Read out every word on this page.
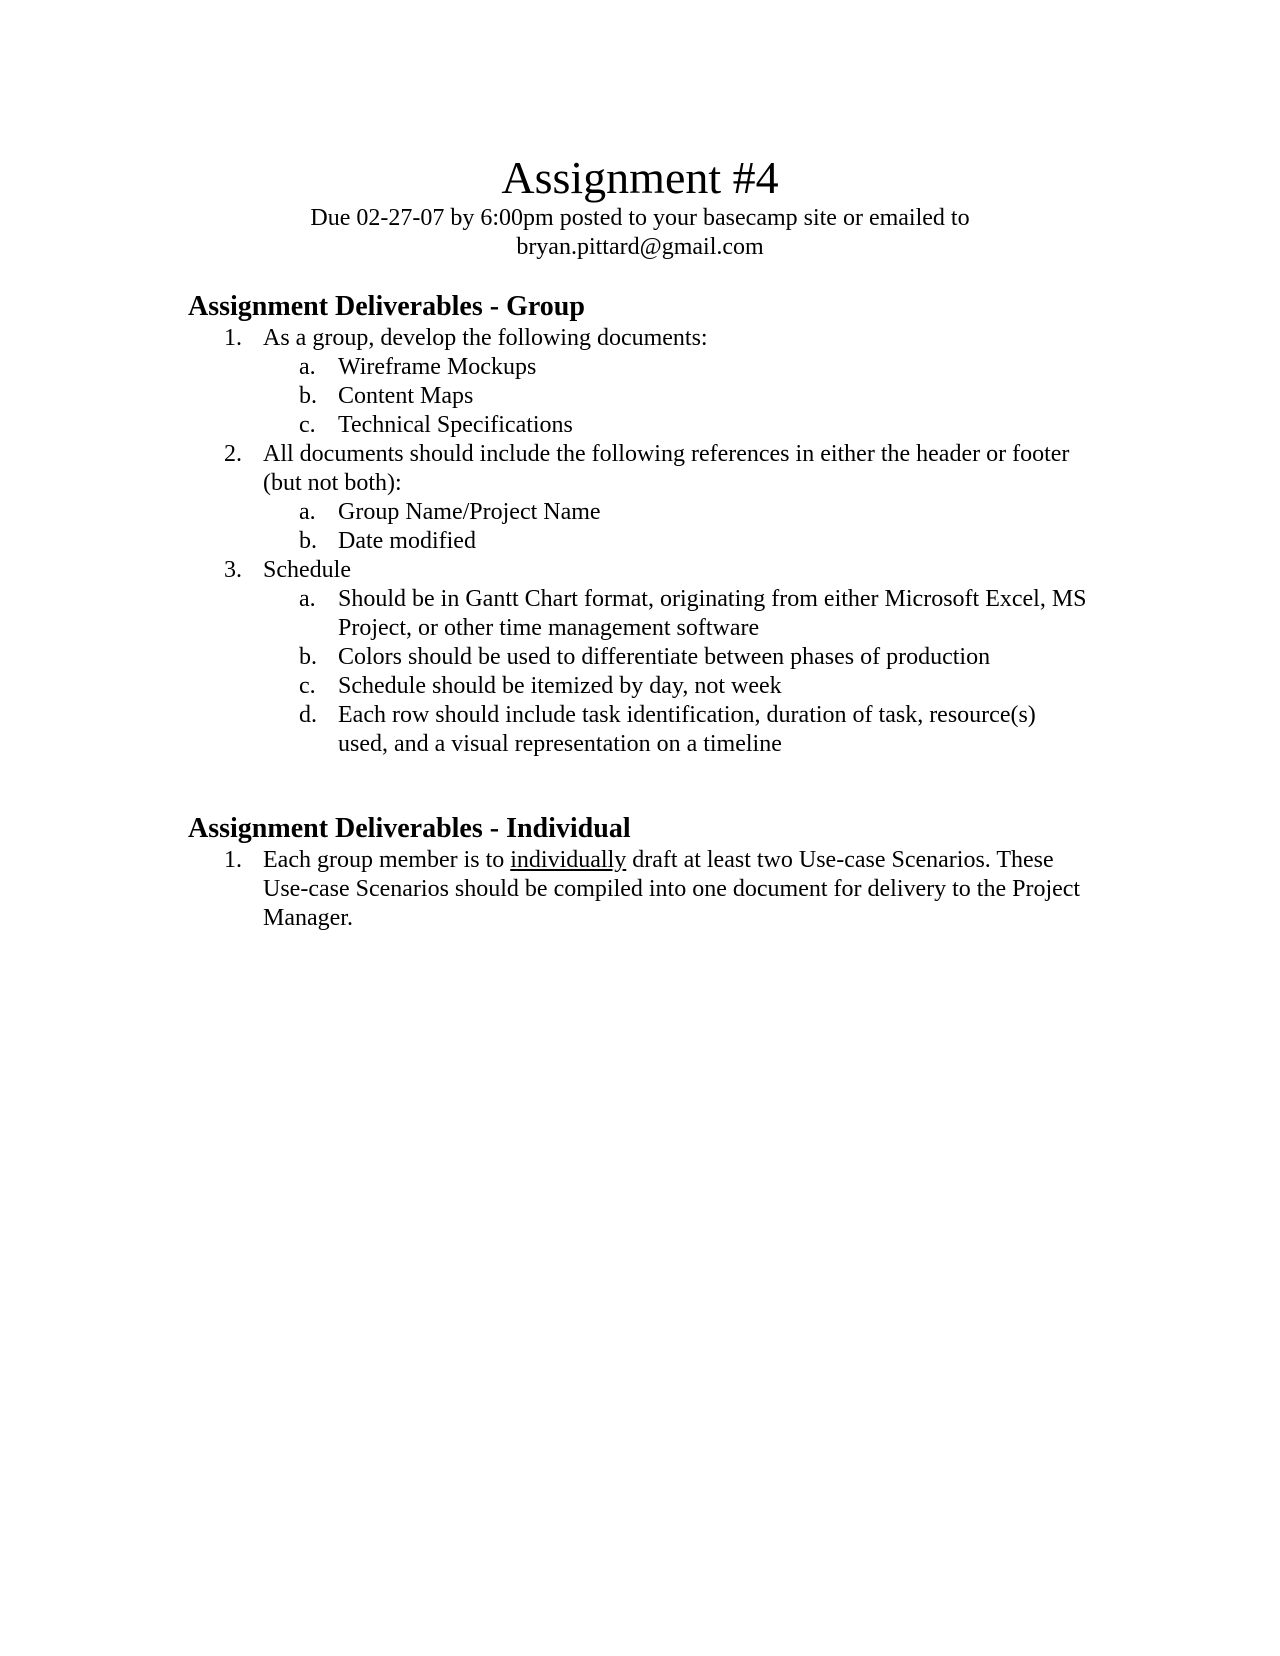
Assignment #4
Due 02-27-07 by 6:00pm posted to your basecamp site or emailed to
bryan.pittard@gmail.com
Assignment Deliverables - Group
1. As a group, develop the following documents:
a. Wireframe Mockups
b. Content Maps
c. Technical Specifications
2. All documents should include the following references in either the header or footer (but not both):
a. Group Name/Project Name
b. Date modified
3. Schedule
a. Should be in Gantt Chart format, originating from either Microsoft Excel, MS Project, or other time management software
b. Colors should be used to differentiate between phases of production
c. Schedule should be itemized by day, not week
d. Each row should include task identification, duration of task, resource(s) used, and a visual representation on a timeline
Assignment Deliverables - Individual
1. Each group member is to individually draft at least two Use-case Scenarios. These Use-case Scenarios should be compiled into one document for delivery to the Project Manager.
